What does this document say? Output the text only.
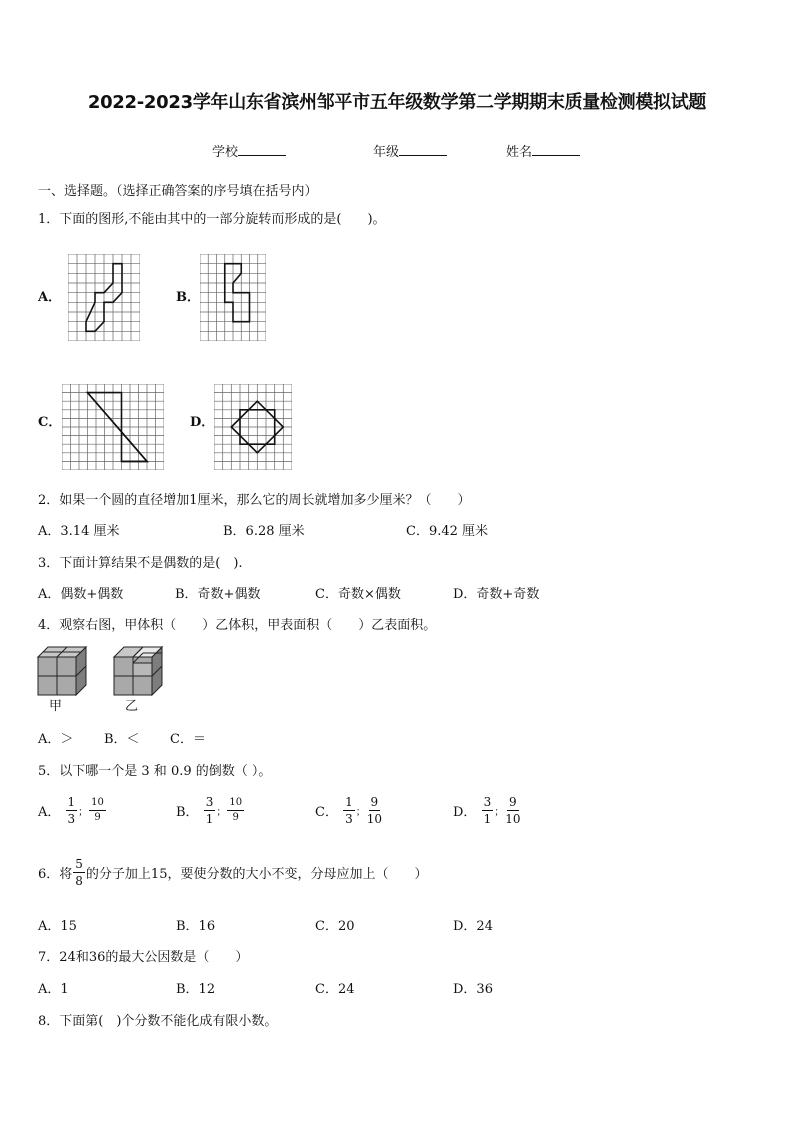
2022-2023学年山东省滨州邹平市五年级数学第二学期期末质量检测模拟试题
学校	年级	姓名
一、选择题。（选择正确答案的序号填在括号内）
1．下面的图形,不能由其中的一部分旋转而形成的是(　　)。
A．	B．
C．	D．
2．如果一个圆的直径增加1厘米，那么它的周长就增加多少厘米？（　　）
A．3.14 厘米	B．6.28 厘米	C．9.42 厘米
3．下面计算结果不是偶数的是(　).
A．偶数+偶数	B．奇数+偶数	C．奇数×偶数	D．奇数+奇数
4．观察右图，甲体积（　　）乙体积，甲表面积（　　）乙表面积。
甲	乙
A．＞ B．＜ C．＝
5．以下哪一个是 3 和 0.9 的倒数（ ）。
A． $\frac{1}{3}$ ； $\frac{10}{9}$	B． $\frac{3}{1}$ ； $\frac{10}{9}$	C． $\frac{1}{3}$ ； $\frac{9}{10}$	D． $\frac{3}{1}$ ； $\frac{9}{10}$
6．将 $\frac{5}{8}$ 的分子加上15，要使分数的大小不变，分母应加上（　　）
A．15	B．16	C．20	D．24
7．24和36的最大公因数是（　　）
A．1	B．12	C．24	D．36
8．下面第(　)个分数不能化成有限小数。
